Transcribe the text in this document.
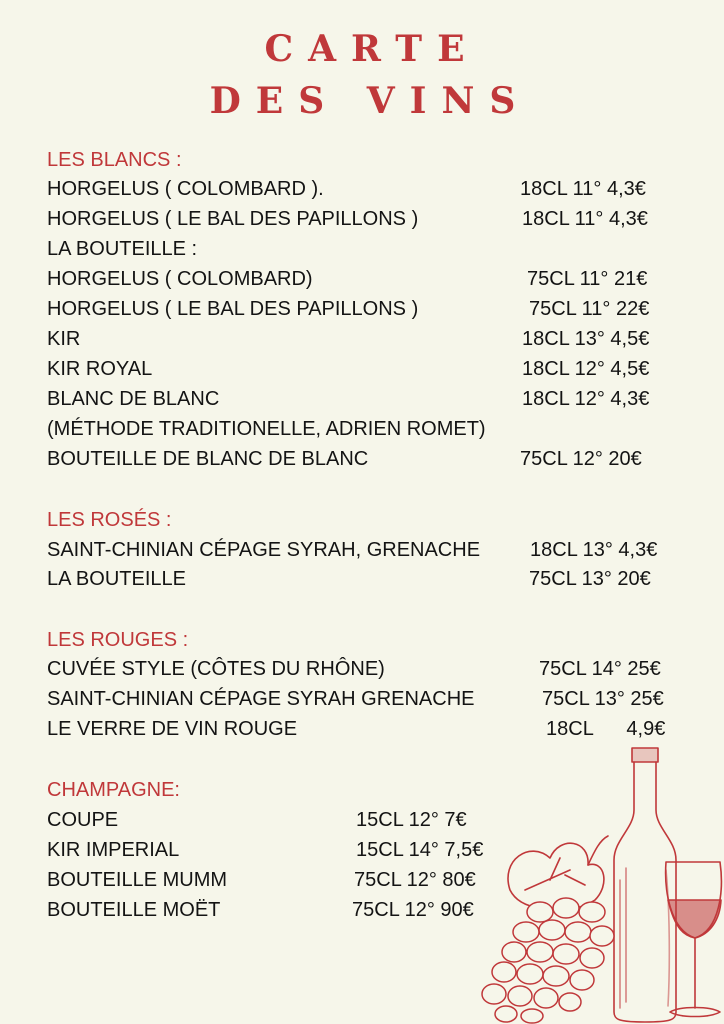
CARTE
DES VINS
LES BLANCS :
HORGELUS ( COLOMBARD ).	18CL 11° 4,3€
HORGELUS ( LE BAL DES PAPILLONS )	18CL 11° 4,3€
LA BOUTEILLE :
HORGELUS ( COLOMBARD)	75CL 11° 21€
HORGELUS ( LE BAL DES PAPILLONS )	75CL 11° 22€
KIR	18CL 13° 4,5€
KIR ROYAL	18CL 12° 4,5€
BLANC DE BLANC	18CL 12° 4,3€
(MÉTHODE TRADITIONELLE, ADRIEN ROMET)
BOUTEILLE DE BLANC DE BLANC	75CL 12° 20€
LES ROSÉS :
SAINT-CHINIAN CÉPAGE SYRAH, GRENACHE 18CL 13° 4,3€
LA BOUTEILLE	75CL 13° 20€
LES ROUGES :
CUVÉE STYLE (CÔTES DU RHÔNE)	75CL 14° 25€
SAINT-CHINIAN CÉPAGE SYRAH GRENACHE	75CL 13° 25€
LE VERRE DE VIN ROUGE	18CL      4,9€
CHAMPAGNE:
COUPE	15CL 12° 7€
KIR IMPERIAL	15CL 14° 7,5€
BOUTEILLE MUMM	75CL 12° 80€
BOUTEILLE MOËT	75CL 12° 90€
